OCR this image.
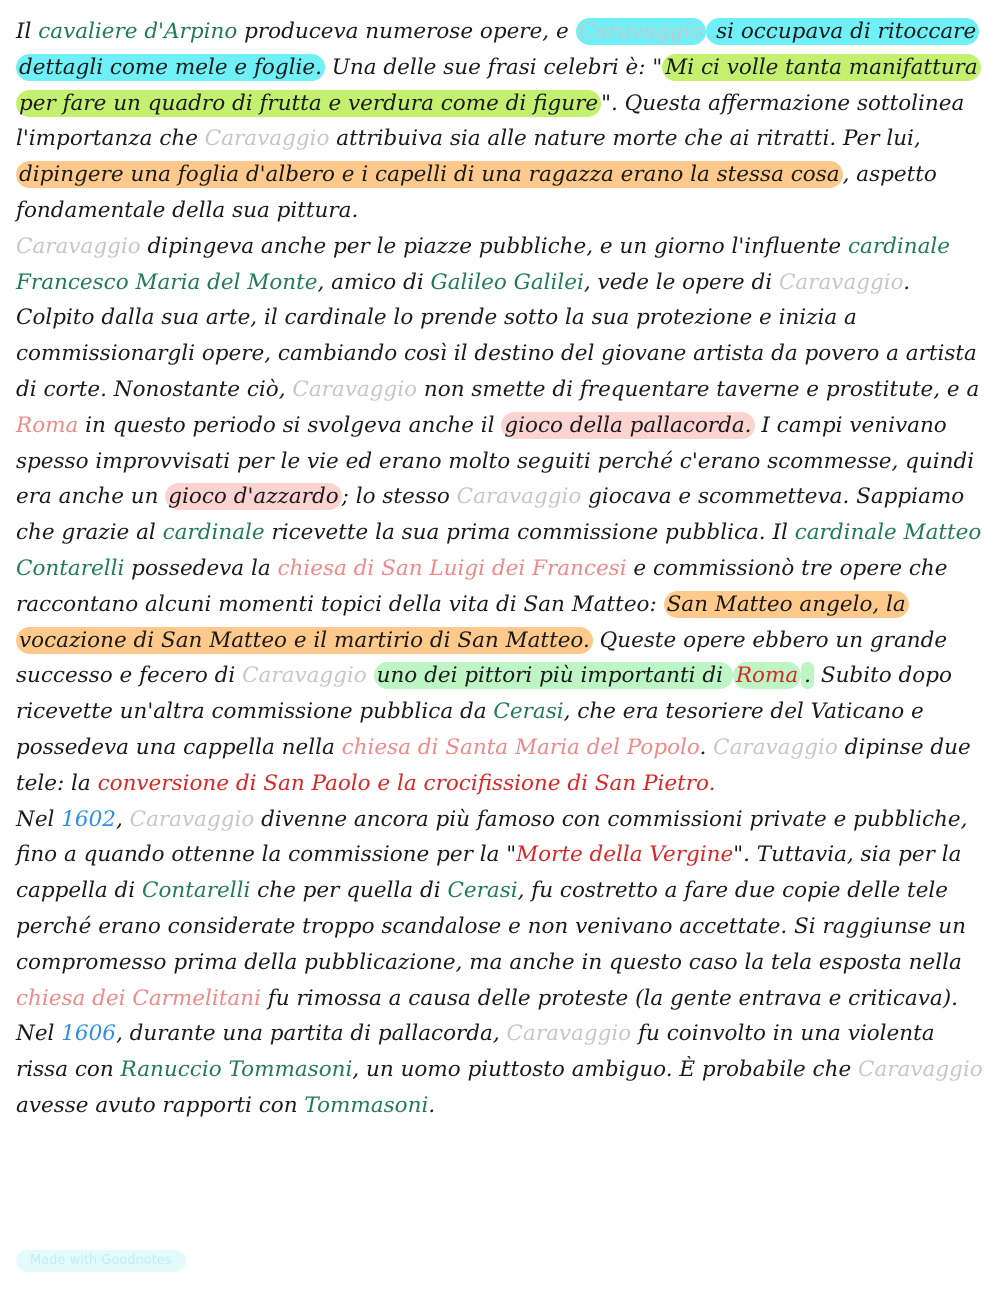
Il cavaliere d'Arpino produceva numerose opere, e Caravaggio si occupava di ritoccare dettagli come mele e foglie. Una delle sue frasi celebri è: " Mi ci volle tanta manifattura per fare un quadro di frutta e verdura come di figure ". Questa affermazione sottolinea l'importanza che Caravaggio attribuiva sia alle nature morte che ai ritratti. Per lui, dipingere una foglia d'albero e i capelli di una ragazza erano la stessa cosa , aspetto fondamentale della sua pittura.

Caravaggio dipingeva anche per le piazze pubbliche, e un giorno l'influente cardinale Francesco Maria del Monte, amico di Galileo Galilei, vede le opere di Caravaggio. Colpito dalla sua arte, il cardinale lo prende sotto la sua protezione e inizia a commissionargli opere, cambiando così il destino del giovane artista da povero a artista di corte. Nonostante ciò, Caravaggio non smette di frequentare taverne e prostitute, e a Roma in questo periodo si svolgeva anche il gioco della pallacorda. I campi venivano spesso improvvisati per le vie ed erano molto seguiti perché c'erano scommesse, quindi era anche un gioco d'azzardo ; lo stesso Caravaggio giocava e scommetteva. Sappiamo che grazie al cardinale ricevette la sua prima commissione pubblica. Il cardinale Matteo Contarelli possedeva la chiesa di San Luigi dei Francesi e commissionò tre opere che raccontano alcuni momenti topici della vita di San Matteo: San Matteo angelo, la vocazione di San Matteo e il martirio di San Matteo. Queste opere ebbero un grande successo e fecero di Caravaggio uno dei pittori più importanti di Roma . Subito dopo ricevette un'altra commissione pubblica da Cerasi, che era tesoriere del Vaticano e possedeva una cappella nella chiesa di Santa Maria del Popolo. Caravaggio dipinse due tele: la conversione di San Paolo e la crocifissione di San Pietro.

Nel 1602, Caravaggio divenne ancora più famoso con commissioni private e pubbliche, fino a quando ottenne la commissione per la "Morte della Vergine". Tuttavia, sia per la cappella di Contarelli che per quella di Cerasi, fu costretto a fare due copie delle tele perché erano considerate troppo scandalose e non venivano accettate. Si raggiunse un compromesso prima della pubblicazione, ma anche in questo caso la tela esposta nella chiesa dei Carmelitani fu rimossa a causa delle proteste (la gente entrava e criticava). Nel 1606, durante una partita di pallacorda, Caravaggio fu coinvolto in una violenta rissa con Ranuccio Tommasoni, un uomo piuttosto ambiguo. È probabile che Caravaggio avesse avuto rapporti con Tommasoni.

Made with Goodnotes
